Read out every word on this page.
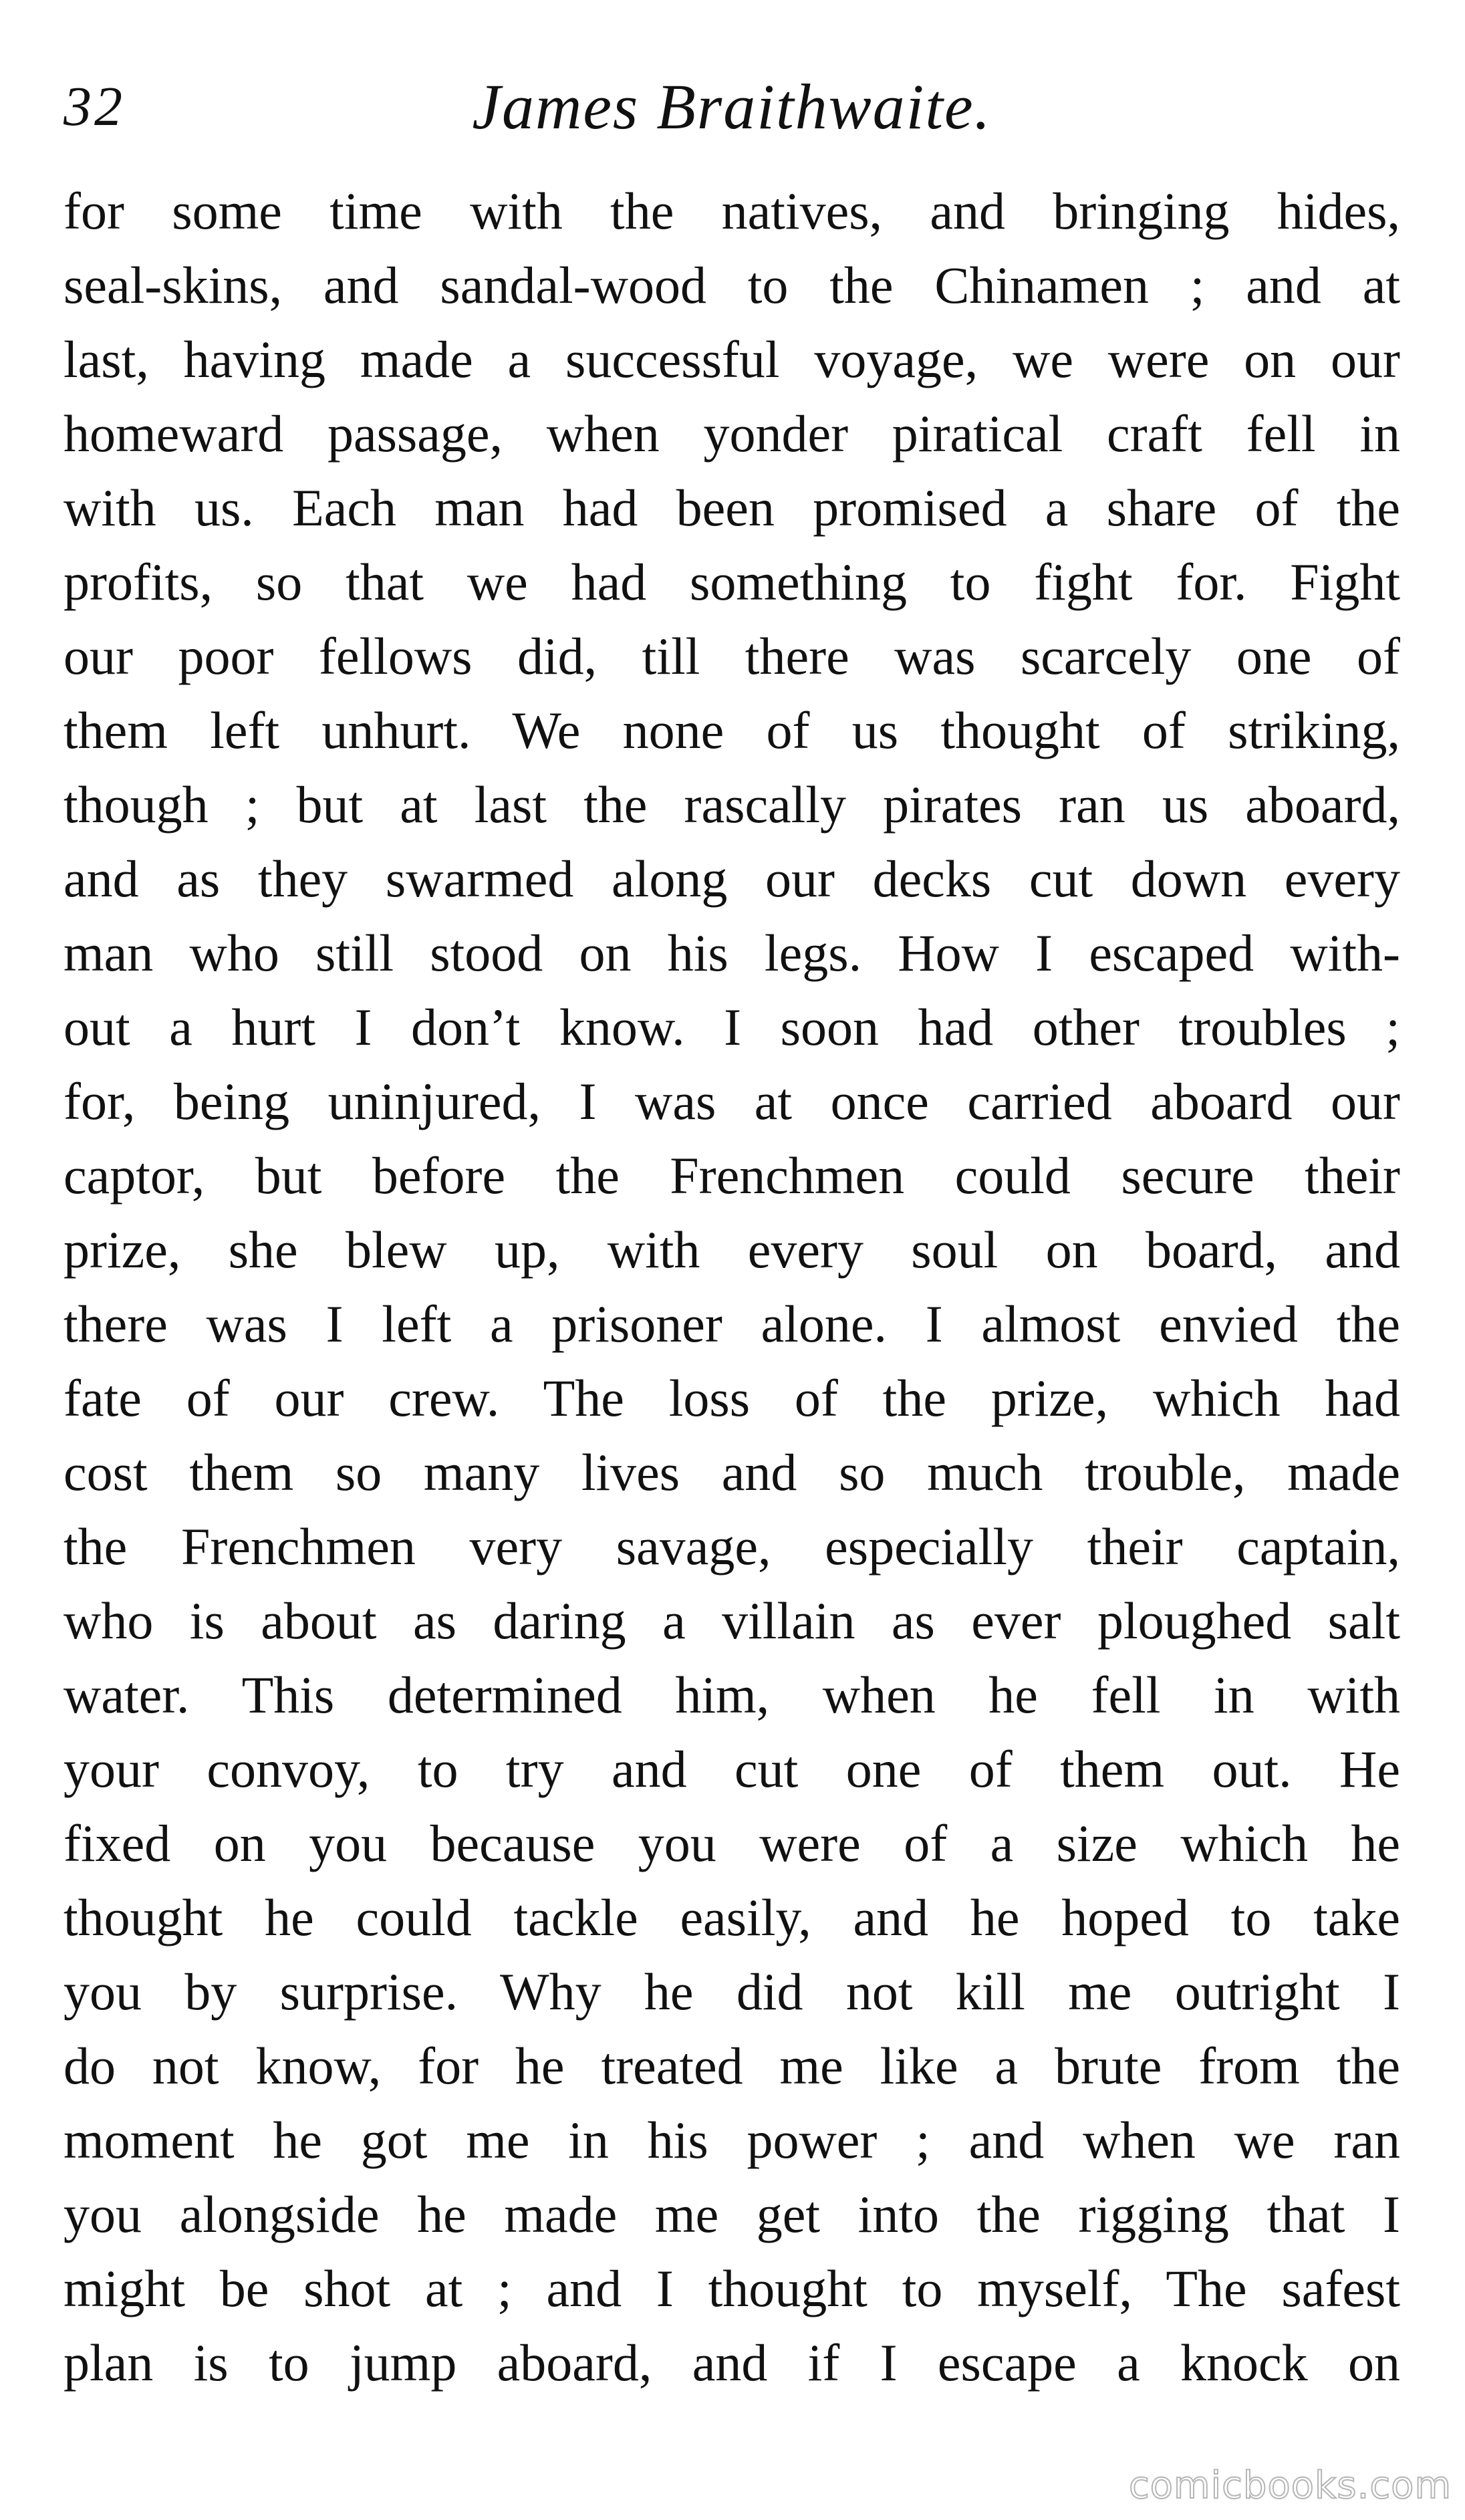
32	James Braithwaite.
for some time with the natives, and bringing hides,
seal-skins, and sandal-wood to the Chinamen ; and at
last, having made a successful voyage, we were on our
homeward passage, when yonder piratical craft fell in
with us. Each man had been promised a share of the
profits, so that we had something to fight for. Fight
our poor fellows did, till there was scarcely one of
them left unhurt. We none of us thought of striking,
though ; but at last the rascally pirates ran us aboard,
and as they swarmed along our decks cut down every
man who still stood on his legs. How I escaped with-
out a hurt I don’t know. I soon had other troubles ;
for, being uninjured, I was at once carried aboard our
captor, but before the Frenchmen could secure their
prize, she blew up, with every soul on board, and
there was I left a prisoner alone. I almost envied the
fate of our crew. The loss of the prize, which had
cost them so many lives and so much trouble, made
the Frenchmen very savage, especially their captain,
who is about as daring a villain as ever ploughed salt
water. This determined him, when he fell in with
your convoy, to try and cut one of them out. He
fixed on you because you were of a size which he
thought he could tackle easily, and he hoped to take
you by surprise. Why he did not kill me outright I
do not know, for he treated me like a brute from the
moment he got me in his power ; and when we ran
you alongside he made me get into the rigging that I
might be shot at ; and I thought to myself, The safest
plan is to jump aboard, and if I escape a knock on
comicbooks.com
